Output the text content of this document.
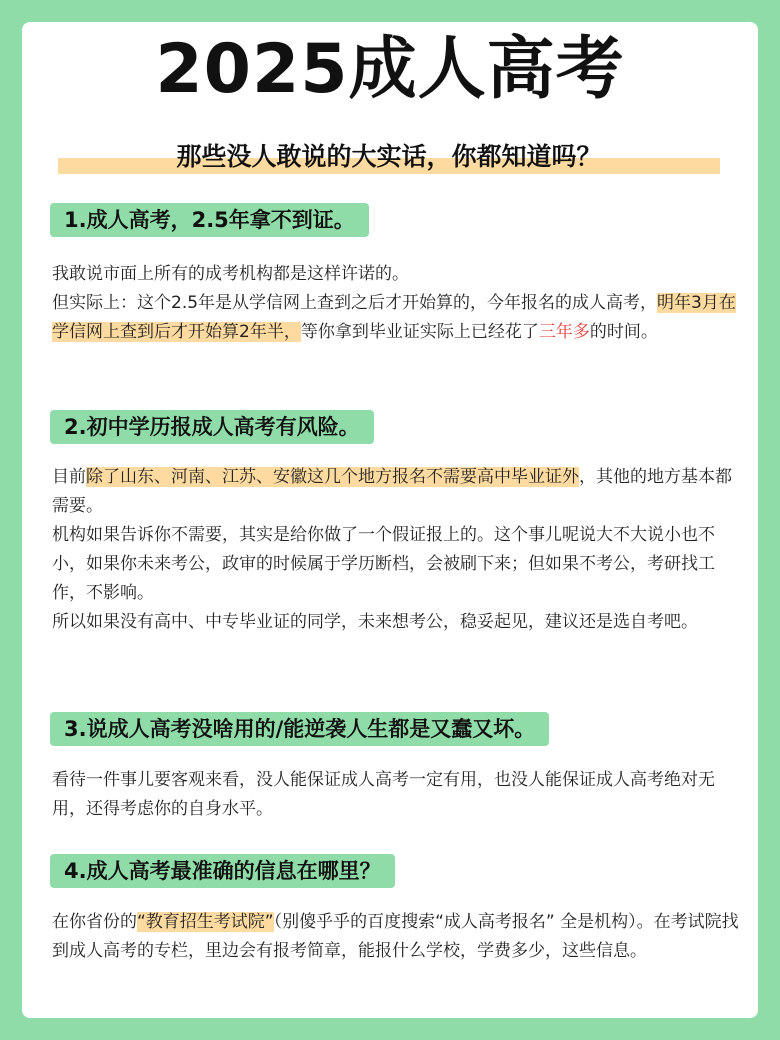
2025成人高考
那些没人敢说的大实话，你都知道吗？
1.成人高考，2.5年拿不到证。

我敢说市面上所有的成考机构都是这样许诺的。

但实际上：这个2.5年是从学信网上查到之后才开始算的，今年报名的成人高考，明年3月在学信网上查到后才开始算2年半，等你拿到毕业证实际上已经花了三年多的时间。

2.初中学历报成人高考有风险。

目前除了山东、河南、江苏、安徽这几个地方报名不需要高中毕业证外，其他的地方基本都需要。

机构如果告诉你不需要，其实是给你做了一个假证报上的。这个事儿呢说大不大说小也不小，如果你未来考公，政审的时候属于学历断档，会被刷下来；但如果不考公，考研找工作，不影响。

所以如果没有高中、中专毕业证的同学，未来想考公，稳妥起见，建议还是选自考吧。

3.说成人高考没啥用的/能逆袭人生都是又蠢又坏。

看待一件事儿要客观来看，没人能保证成人高考一定有用，也没人能保证成人高考绝对无用，还得考虑你的自身水平。

4.成人高考最准确的信息在哪里？

在你省份的“教育招生考试院”（别傻乎乎的百度搜索“成人高考报名” 全是机构）。在考试院找到成人高考的专栏，里边会有报考简章，能报什么学校，学费多少，这些信息。
